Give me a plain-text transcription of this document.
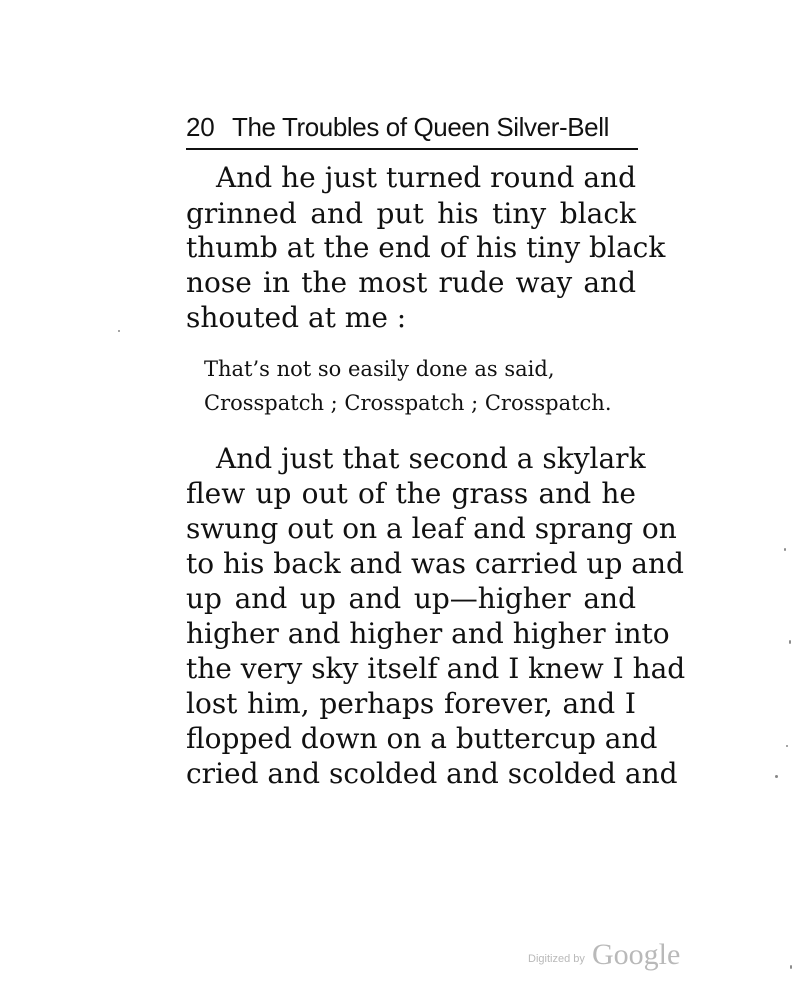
20 The Troubles of Queen Silver-Bell
And he just turned round and
grinned and put his tiny black
thumb at the end of his tiny black
nose in the most rude way and
shouted at me :
That’s not so easily done as said,
Crosspatch ; Crosspatch ; Crosspatch.
And just that second a skylark
flew up out of the grass and he
swung out on a leaf and sprang on
to his back and was carried up and
up and up and up—higher and
higher and higher and higher into
the very sky itself and I knew I had
lost him, perhaps forever, and I
flopped down on a buttercup and
cried and scolded and scolded and
Digitized by Google
